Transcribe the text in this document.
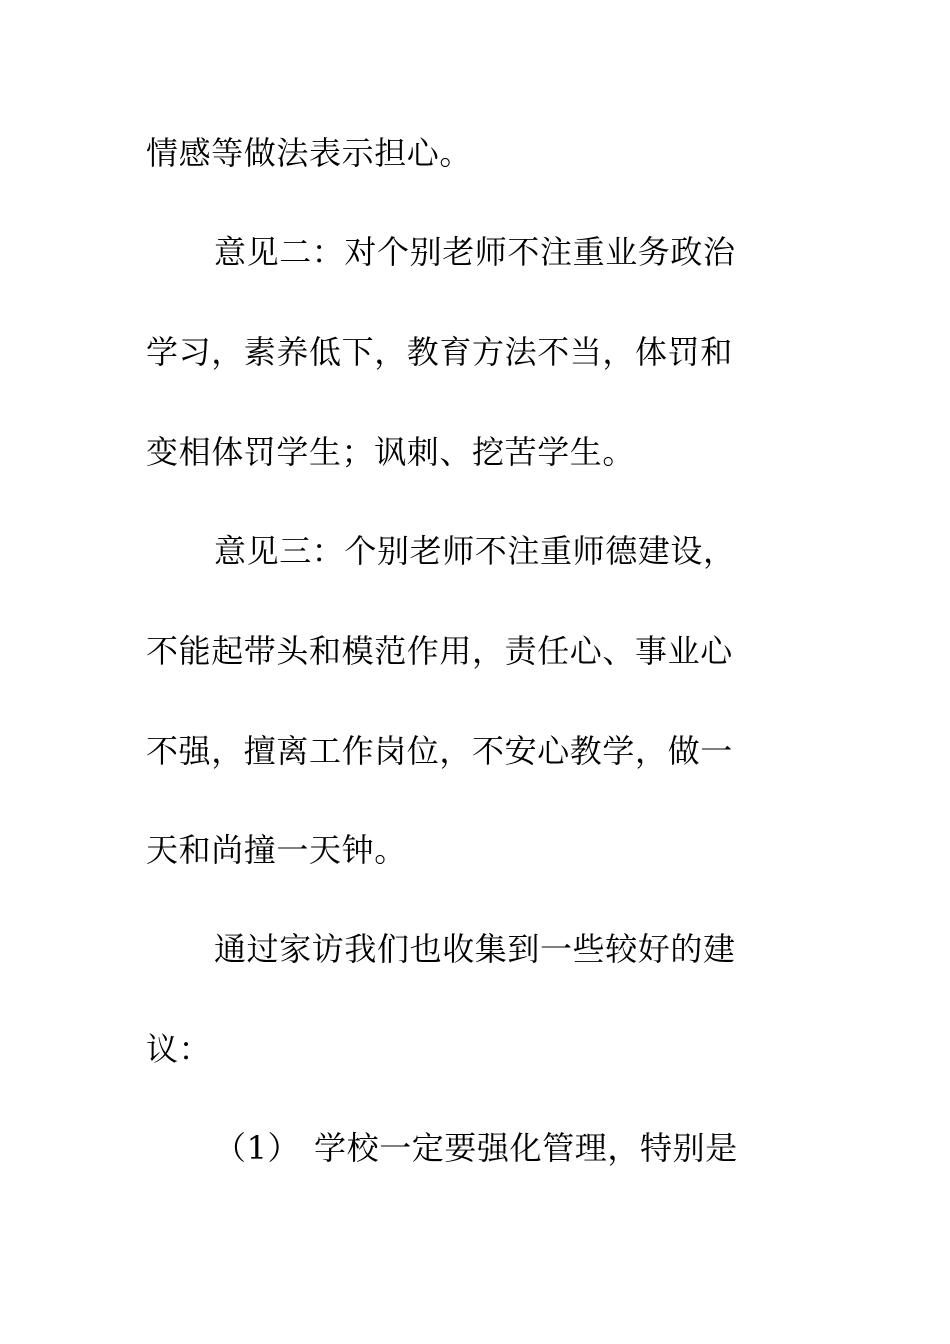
情感等做法表示担心。
意见二：对个别老师不注重业务政治
学习，素养低下，教育方法不当，体罚和
变相体罚学生；讽刺、挖苦学生。
意见三：个别老师不注重师德建设，
不能起带头和模范作用，责任心、事业心
不强，擅离工作岗位，不安心教学，做一
天和尚撞一天钟。
通过家访我们也收集到一些较好的建
议：
（1） 学校一定要强化管理，特别是
